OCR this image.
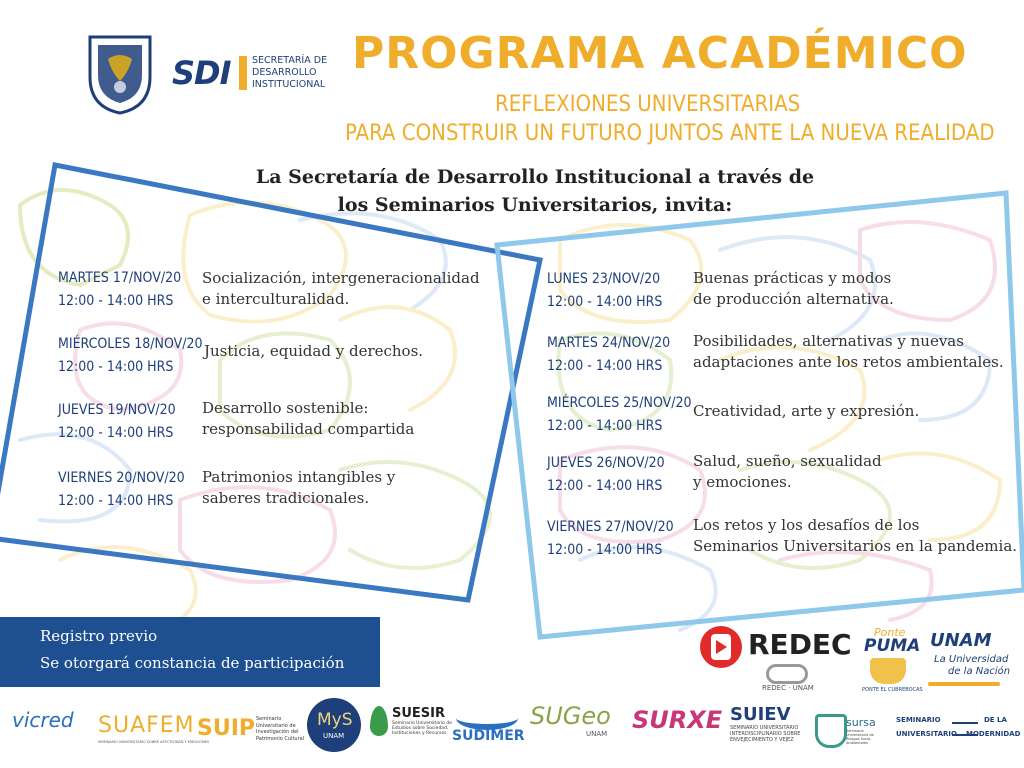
SDI SECRETARÍA DE
DESARROLLO
INSTITUCIONAL
PROGRAMA ACADÉMICO
REFLEXIONES UNIVERSITARIAS
PARA CONSTRUIR UN FUTURO JUNTOS ANTE LA NUEVA REALIDAD
La Secretaría de Desarrollo Institucional a través de
los Seminarios Universitarios, invita:
MARTES 17/NOV/20
12:00 - 14:00 HRS
Socialización, intergeneracionalidad
e interculturalidad.
MIÉRCOLES 18/NOV/20
12:00 - 14:00 HRS
Justicia, equidad y derechos.
JUEVES 19/NOV/20
12:00 - 14:00 HRS
Desarrollo sostenible:
responsabilidad compartida
VIERNES 20/NOV/20
12:00 - 14:00 HRS
Patrimonios intangibles y
saberes tradicionales.
LUNES 23/NOV/20
12:00 - 14:00 HRS
Buenas prácticas y modos
de producción alternativa.
MARTES 24/NOV/20
12:00 - 14:00 HRS
Posibilidades, alternativas y nuevas
adaptaciones ante los retos ambientales.
MIÉRCOLES 25/NOV/20
12:00 - 14:00 HRS
Creatividad, arte y expresión.
JUEVES 26/NOV/20
12:00 - 14:00 HRS
Salud, sueño, sexualidad
y emociones.
VIERNES 27/NOV/20
12:00 - 14:00 HRS
Los retos y los desafíos de los
Seminarios Universitarios en la pandemia.
Registro previo
Se otorgará constancia de participación
REDEC
REDEC · UNAM
Ponte
PUMA
PONTE EL CUBREBOCAS
UNAM
La Universidad
de la Nación
vicred SUAFEM
SEMINARIO UNIVERSITARIO SOBRE AFECTIVIDAD Y EMOCIONES
SUIP Seminario
Universitario de
Investigación del
Patrimonio Cultural
MyS
UNAM
SUESIR
Seminario Universitario de
Estudios sobre Sociedad,
Instituciones y Recursos SUDIMER
SUGeo
UNAM SURXE SUIEV
SEMINARIO UNIVERSITARIO
INTERDISCIPLINARIO SOBRE
ENVEJECIMIENTO Y VEJEZ
sursa
Seminario Universitario de Riesgos Socio-Ambientales
SEMINARIO	DE LA
UNIVERSITARIO MODERNIDAD
